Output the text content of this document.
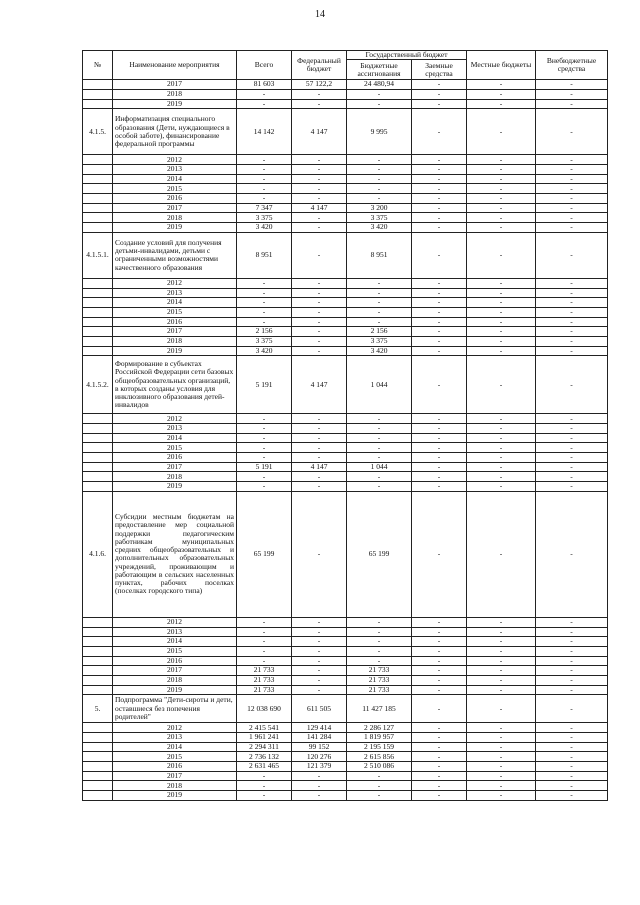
14
№	Наименование мероприятия	Всего	Федеральный бюджет	Государственный бюджет		Местные бюджеты	Внебюджетные средства
				Бюджетные ассигнования	Заемные средства		
	2017	81 603	57 122,2	24 480,94	-	-	-
	2018	-	-	-	-	-	-
	2019	-	-	-	-	-	-
4.1.5.	Информатизация специального образования (Дети, нуждающиеся в особой заботе), финансирование федеральной программы	14 142	4 147	9 995	-	-	-
	2012	-	-	-	-	-	-
	2013	-	-	-	-	-	-
	2014	-	-	-	-	-	-
	2015	-	-	-	-	-	-
	2016	-	-	-	-	-	-
	2017	7 347	4 147	3 200	-	-	-
	2018	3 375	-	3 375	-	-	-
	2019	3 420	-	3 420	-	-	-
4.1.5.1.	Создание условий для получения детьми-инвалидами, детьми с ограниченными возможностями качественного образования	8 951	-	8 951	-	-	-
	2012	-	-	-	-	-	-
	2013	-	-	-	-	-	-
	2014	-	-	-	-	-	-
	2015	-	-	-	-	-	-
	2016	-	-	-	-	-	-
	2017	2 156	-	2 156	-	-	-
	2018	3 375	-	3 375	-	-	-
	2019	3 420	-	3 420	-	-	-
4.1.5.2.	Формирование в субъектах Российской Федерации сети базовых общеобразовательных организаций, в которых созданы условия для инклюзивного образования детей-инвалидов	5 191	4 147	1 044	-	-	-
	2012	-	-	-	-	-	-
	2013	-	-	-	-	-	-
	2014	-	-	-	-	-	-
	2015	-	-	-	-	-	-
	2016	-	-	-	-	-	-
	2017	5 191	4 147	1 044	-	-	-
	2018	-	-	-	-	-	-
	2019	-	-	-	-	-	-
4.1.6.	Субсидии местным бюджетам на предоставление мер социальной поддержки педагогическим работникам муниципальных средних общеобразовательных и дополнительных образовательных учреждений, проживающим и работающим в сельских населенных пунктах, рабочих поселках (поселках городского типа)	65 199	-	65 199	-	-	-
	2012	-	-	-	-	-	-
	2013	-	-	-	-	-	-
	2014	-	-	-	-	-	-
	2015	-	-	-	-	-	-
	2016	-	-	-	-	-	-
	2017	21 733	-	21 733	-	-	-
	2018	21 733	-	21 733	-	-	-
	2019	21 733	-	21 733	-	-	-
5.	Подпрограмма "Дети-сироты и дети, оставшиеся без попечения родителей"	12 038 690	611 505	11 427 185	-	-	-
	2012	2 415 541	129 414	2 286 127	-	-	-
	2013	1 961 241	141 284	1 819 957	-	-	-
	2014	2 294 311	99 152	2 195 159	-	-	-
	2015	2 736 132	120 276	2 615 856	-	-	-
	2016	2 631 465	121 379	2 510 086	-	-	-
	2017	-	-	-	-	-	-
	2018	-	-	-	-	-	-
	2019	-	-	-	-	-	-
